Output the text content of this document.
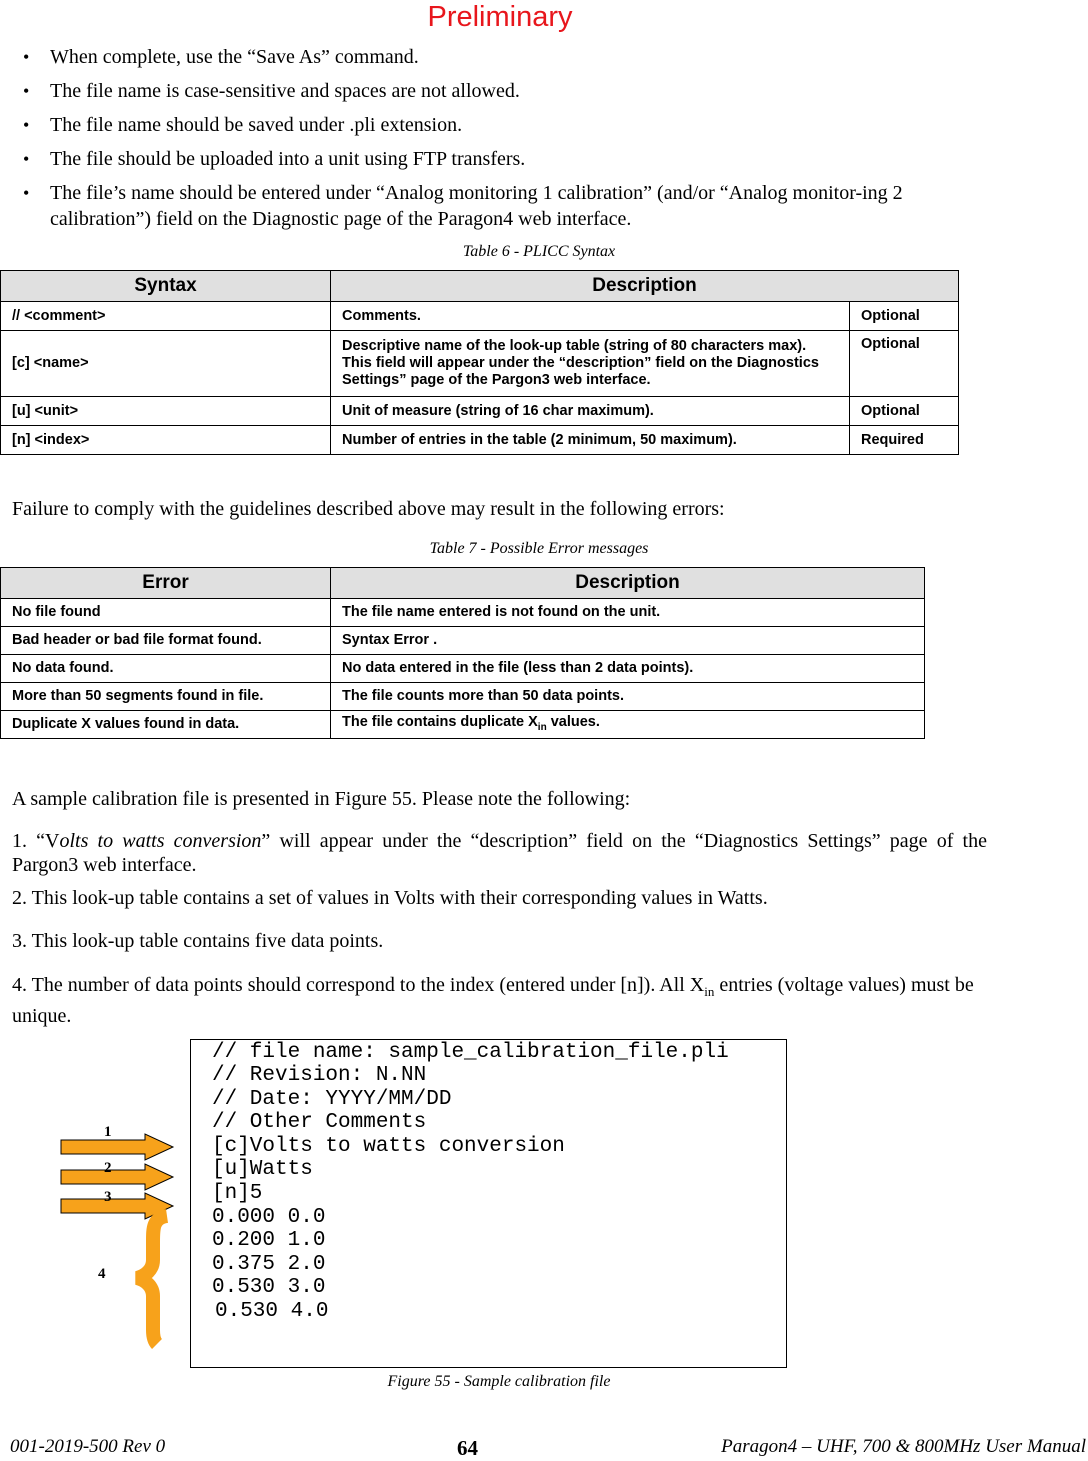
Preliminary
• When complete, use the “Save As” command.
• The file name is case-sensitive and spaces are not allowed.
• The file name should be saved under .pli extension.
• The file should be uploaded into a unit using FTP transfers.
• The file’s name should be entered under “Analog monitoring 1 calibration” (and/or “Analog monitor-ing 2 calibration”) field on the Diagnostic page of the Paragon4 web interface.
Table 6 - PLICC Syntax
Syntax	Description	
// <comment>	Comments.	Optional
[c] <name>	Descriptive name of the look-up table (string of 80 characters max). This field will appear under the “description” field on the Diagnostics Settings” page of the Pargon3 web interface.	Optional
[u] <unit>	Unit of measure (string of 16 char maximum).	Optional
[n] <index>	Number of entries in the table (2 minimum, 50 maximum).	Required
Failure to comply with the guidelines described above may result in the following errors:
Table 7 - Possible Error messages
Error	Description
No file found	The file name entered is not found on the unit.
Bad header or bad file format found.	Syntax Error .
No data found.	No data entered in the file (less than 2 data points).
More than 50 segments found in file.	The file counts more than 50 data points.
Duplicate X values found in data.	The file contains duplicate $X_{in}$ values.
A sample calibration file is presented in Figure 55. Please note the following:
1. “Volts to watts conversion” will appear under the “description” field on the “Diagnostics Settings” page of the Pargon3 web interface.
2. This look-up table contains a set of values in Volts with their corresponding values in Watts.
3. This look-up table contains five data points.
4. The number of data points should correspond to the index (entered under [n]). All $X_{in}$ entries (voltage values) must be unique.
// file name: sample_calibration_file.pli
// Revision: N.NN
// Date: YYYY/MM/DD
// Other Comments
[c]Volts to watts conversion
[u]Watts
[n]5
0.000 0.0
0.200 1.0
0.375 2.0
0.530 3.0
0.530 4.0
1
2
3
4
Figure 55 - Sample calibration file
001-2019-500 Rev 0	64	Paragon4 – UHF, 700 & 800MHz User Manual
